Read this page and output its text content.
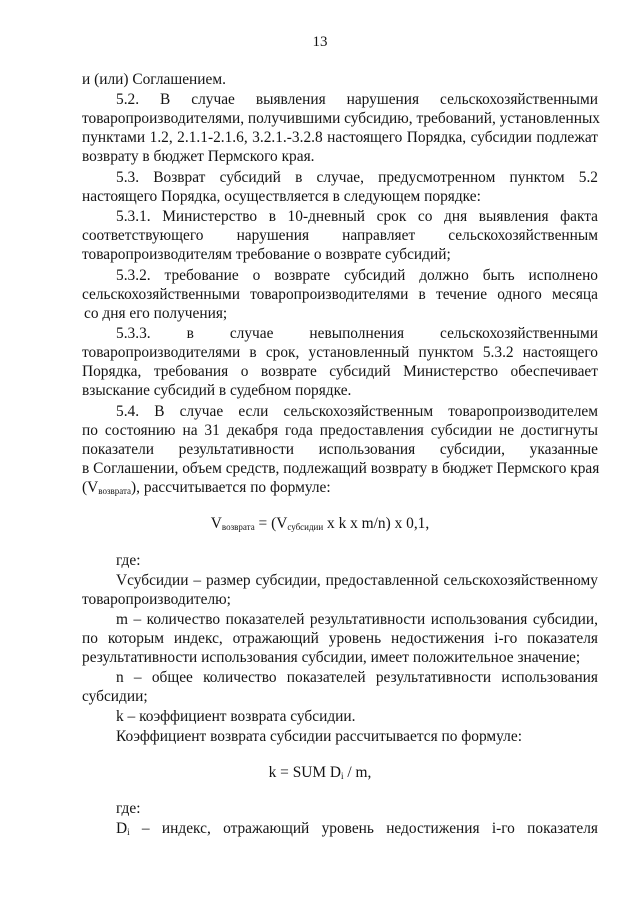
13
и (или) Соглашением.
5.2. В случае выявления нарушения сельскохозяйственными
товаропроизводителями, получившими субсидию, требований, установленных
пунктами 1.2, 2.1.1-2.1.6, 3.2.1.-3.2.8 настоящего Порядка, субсидии подлежат
возврату в бюджет Пермского края.
5.3. Возврат субсидий в случае, предусмотренном пунктом 5.2
настоящего Порядка, осуществляется в следующем порядке:
5.3.1. Министерство в 10-дневный срок со дня выявления факта
соответствующего нарушения направляет сельскохозяйственным
товаропроизводителям требование о возврате субсидий;
5.3.2. требование о возврате субсидий должно быть исполнено
сельскохозяйственными товаропроизводителями в течение одного месяца
со дня его получения;
5.3.3. в случае невыполнения сельскохозяйственными
товаропроизводителями в срок, установленный пунктом 5.3.2 настоящего
Порядка, требования о возврате субсидий Министерство обеспечивает
взыскание субсидий в судебном порядке.
5.4. В случае если сельскохозяйственным товаропроизводителем
по состоянию на 31 декабря года предоставления субсидии не достигнуты
показатели результативности использования субсидии, указанные
в Соглашении, объем средств, подлежащий возврату в бюджет Пермского края
$(V_{возврата})$, рассчитывается по формуле:
$V_{возврата} = (V_{субсидии}$ x k x m/n) x 0,1,
где:
Vсубсидии – размер субсидии, предоставленной сельскохозяйственному
товаропроизводителю;
m – количество показателей результативности использования субсидии,
по которым индекс, отражающий уровень недостижения i-го показателя
результативности использования субсидии, имеет положительное значение;
n – общее количество показателей результативности использования
субсидии;
k – коэффициент возврата субсидии.
Коэффициент возврата субсидии рассчитывается по формуле:
k = SUM $D_i$ / m,
где:
$D_i$ – индекс, отражающий уровень недостижения i-го показателя
